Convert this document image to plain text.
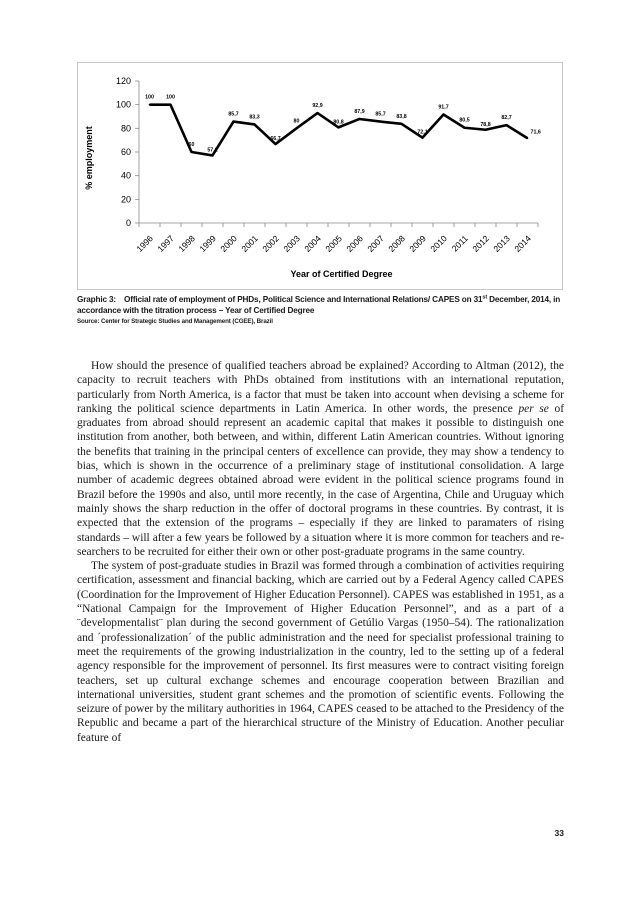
0
20
40
60
80
100
120
1996 1997 1998 1999 2000 2001 2002 2003 2004 2005 2006 2007 2008 2009 2010 2011 2012 2013 2014
100 100
60
57,1
85,7 83,3
66,7
80
92,9
80,8
87,9 85,7 83,8
72,1
91,7
80,5
78,8
82,7
71,6
Year of Certified Degree
% employment
Graphic 3: Official rate of employment of PHDs, Political Science and International Relations/ CAPES on 31st December, 2014, in accordance with the titration process – Year of Certified Degree
Source: Center for Strategic Studies and Management (CGEE), Brazil

How should the presence of qualified teachers abroad be explained? According to Altman (2012), the capacity to recruit teachers with PhDs obtained from institutions with an international reputation, particularly from North America, is a factor that must be taken into account when devising a scheme for ranking the political science departments in Latin America. In other words, the presence per se of graduates from abroad should represent an academic capital that makes it possible to distinguish one institution from another, both between, and within, different Latin American countries. Without ignoring the benefits that training in the principal centers of excellence can provide, they may show a tendency to bias, which is shown in the occurrence of a preliminary stage of institutional consolidation. A large number of academic degrees obtained abroad were evident in the political science programs found in Brazil before the 1990s and also, until more recently, in the case of Argentina, Chile and Uruguay which mainly shows the sharp reduction in the offer of doctoral programs in these countries. By contrast, it is expected that the extension of the programs – especially if they are linked to paramaters of rising standards – will after a few years be followed by a situation where it is more common for teachers and researchers to be recruited for either their own or other post-graduate programs in the same country.

The system of post-graduate studies in Brazil was formed through a combination of activities requiring certification, assessment and financial backing, which are carried out by a Federal Agency called CAPES (Coordination for the Improvement of Higher Education Personnel). CAPES was established in 1951, as a “National Campaign for the Improvement of Higher Education Personnel”, and as a part of a ¨developmentalist¨ plan during the second government of Getúlio Vargas (1950–54). The rationalization and ´professionalization´ of the public administration and the need for specialist professional training to meet the requirements of the growing industrialization in the country, led to the setting up of a federal agency responsible for the improvement of personnel. Its first measures were to contract visiting foreign teachers, set up cultural exchange schemes and encourage cooperation between Brazilian and international universities, student grant schemes and the promotion of scientific events. Following the seizure of power by the military authorities in 1964, CAPES ceased to be attached to the Presidency of the Republic and became a part of the hierarchical structure of the Ministry of Education. Another peculiar feature of

33
